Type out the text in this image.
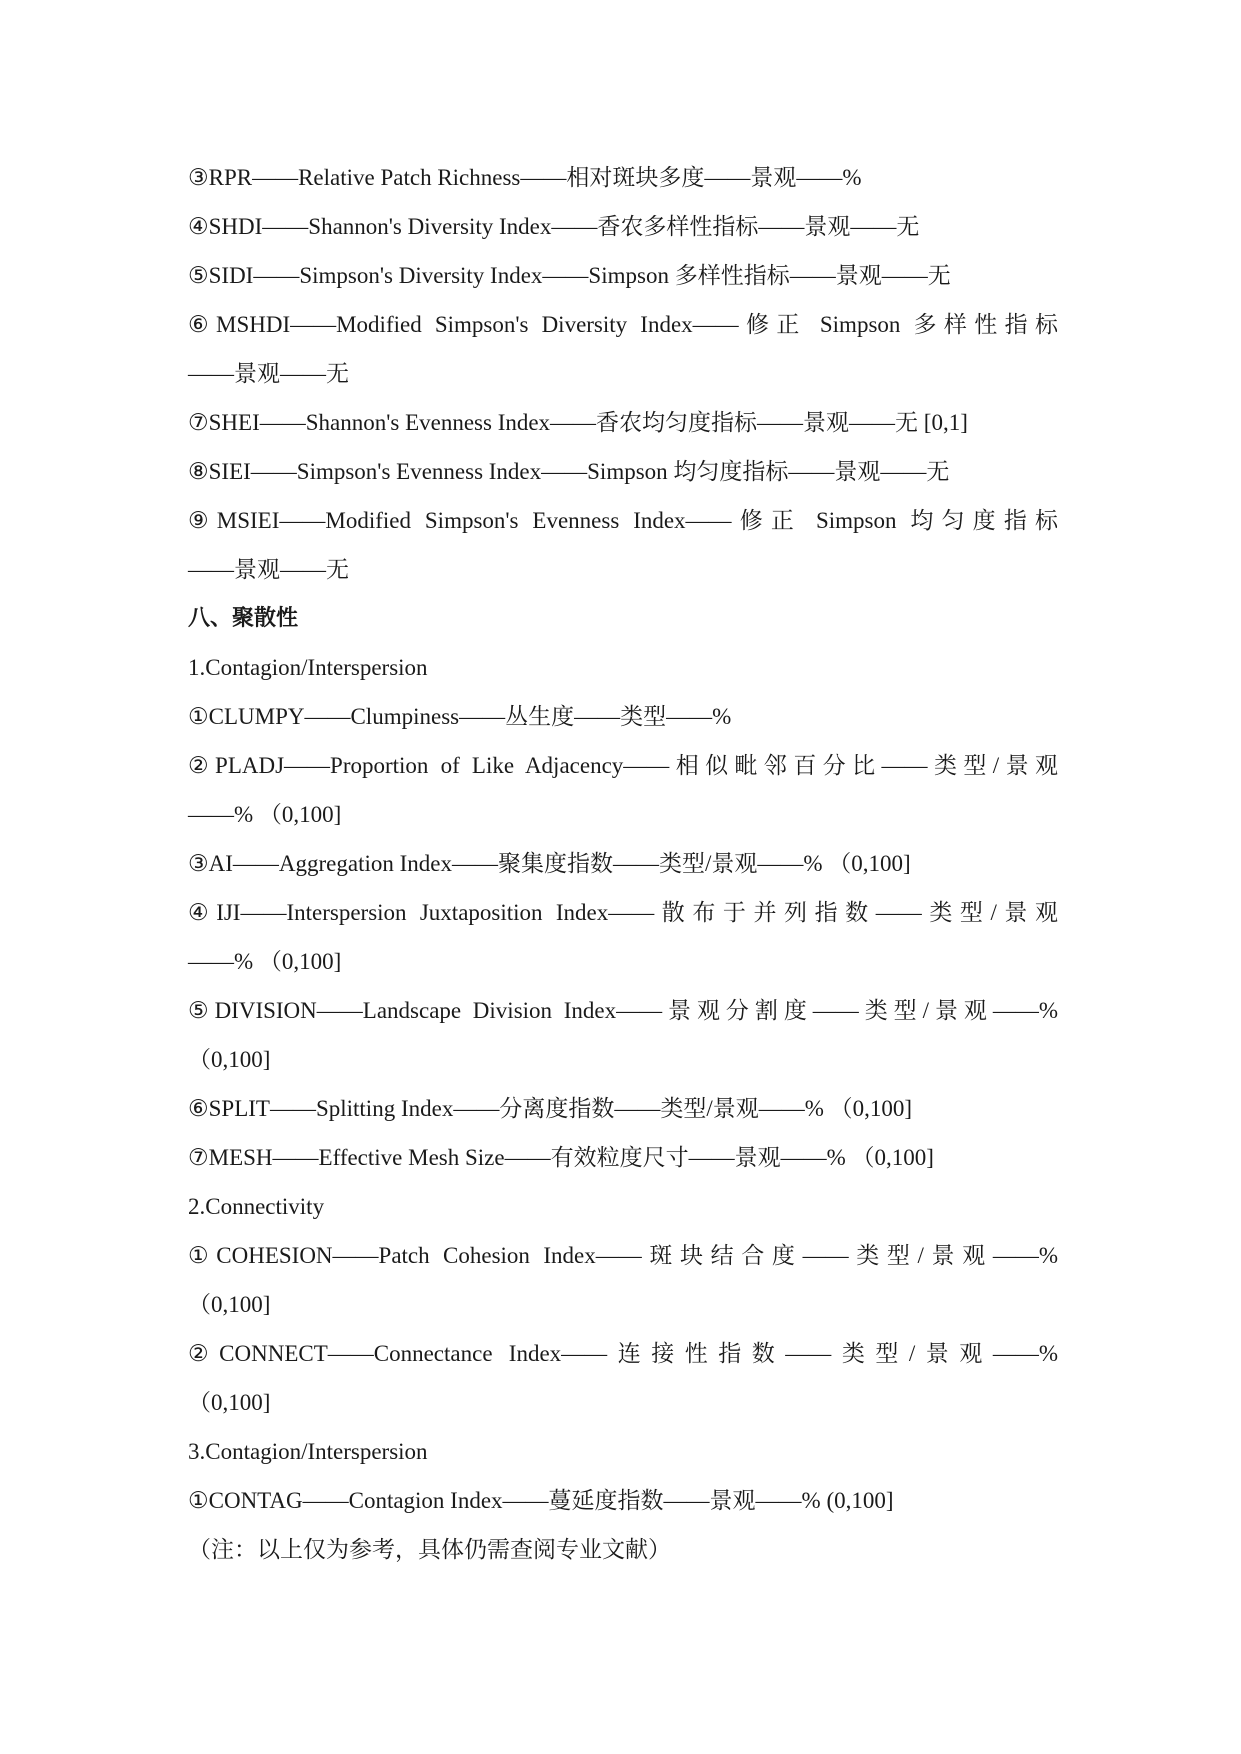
③RPR——Relative Patch Richness——相对斑块多度——景观——%
④SHDI——Shannon's Diversity Index——香农多样性指标——景观——无
⑤SIDI——Simpson's Diversity Index——Simpson 多样性指标——景观——无
⑥MSHDI——Modified Simpson's Diversity Index——修正 Simpson 多样性指标
——景观——无
⑦SHEI——Shannon's Evenness Index——香农均匀度指标——景观——无 [0,1]
⑧SIEI——Simpson's Evenness Index——Simpson 均匀度指标——景观——无
⑨MSIEI——Modified Simpson's Evenness Index——修正 Simpson 均匀度指标
——景观——无
八、聚散性
1.Contagion/Interspersion
①CLUMPY——Clumpiness——丛生度——类型——%
②PLADJ——Proportion of Like Adjacency——相似毗邻百分比——类型/景观
——% （0,100]
③AI——Aggregation Index——聚集度指数——类型/景观——% （0,100]
④IJI——Interspersion Juxtaposition Index——散布于并列指数——类型/景观
——% （0,100]
⑤DIVISION——Landscape Division Index——景观分割度——类型/景观——%
（0,100]
⑥SPLIT——Splitting Index——分离度指数——类型/景观——% （0,100]
⑦MESH——Effective Mesh Size——有效粒度尺寸——景观——% （0,100]
2.Connectivity
①COHESION——Patch Cohesion Index——斑块结合度——类型/景观——%
（0,100]
②CONNECT——Connectance Index——连接性指数——类型/景观——%
（0,100]
3.Contagion/Interspersion
①CONTAG——Contagion Index——蔓延度指数——景观——% (0,100]
（注：以上仅为参考，具体仍需查阅专业文献）
